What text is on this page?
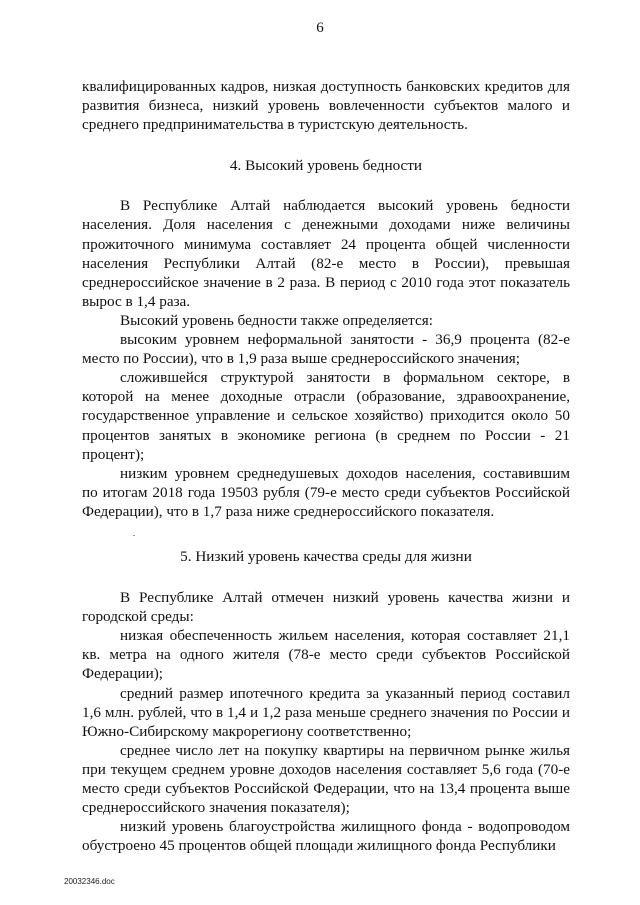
6

квалифицированных кадров, низкая доступность банковских кредитов для развития бизнеса, низкий уровень вовлеченности субъектов малого и среднего предпринимательства в туристскую деятельность.

4. Высокий уровень бедности

В Республике Алтай наблюдается высокий уровень бедности населения. Доля населения с денежными доходами ниже величины прожиточного минимума составляет 24 процента общей численности населения Республики Алтай (82-е место в России), превышая среднероссийское значение в 2 раза. В период с 2010 года этот показатель вырос в 1,4 раза.

Высокий уровень бедности также определяется:

высоким уровнем неформальной занятости - 36,9 процента (82-е место по России), что в 1,9 раза выше среднероссийского значения;

сложившейся структурой занятости в формальном секторе, в которой на менее доходные отрасли (образование, здравоохранение, государственное управление и сельское хозяйство) приходится около 50 процентов занятых в экономике региона (в среднем по России - 21 процент);

низким уровнем среднедушевых доходов населения, составившим по итогам 2018 года 19503 рубля (79-е место среди субъектов Российской Федерации), что в 1,7 раза ниже среднероссийского показателя.

5. Низкий уровень качества среды для жизни

В Республике Алтай отмечен низкий уровень качества жизни и городской среды:

низкая обеспеченность жильем населения, которая составляет 21,1 кв. метра на одного жителя (78-е место среди субъектов Российской Федерации);

средний размер ипотечного кредита за указанный период составил 1,6 млн. рублей, что в 1,4 и 1,2 раза меньше среднего значения по России и Южно-Сибирскому макрорегиону соответственно;

среднее число лет на покупку квартиры на первичном рынке жилья при текущем среднем уровне доходов населения составляет 5,6 года (70-е место среди субъектов Российской Федерации, что на 13,4 процента выше среднероссийского значения показателя);

низкий уровень благоустройства жилищного фонда - водопроводом обустроено 45 процентов общей площади жилищного фонда Республики

20032346.doc
